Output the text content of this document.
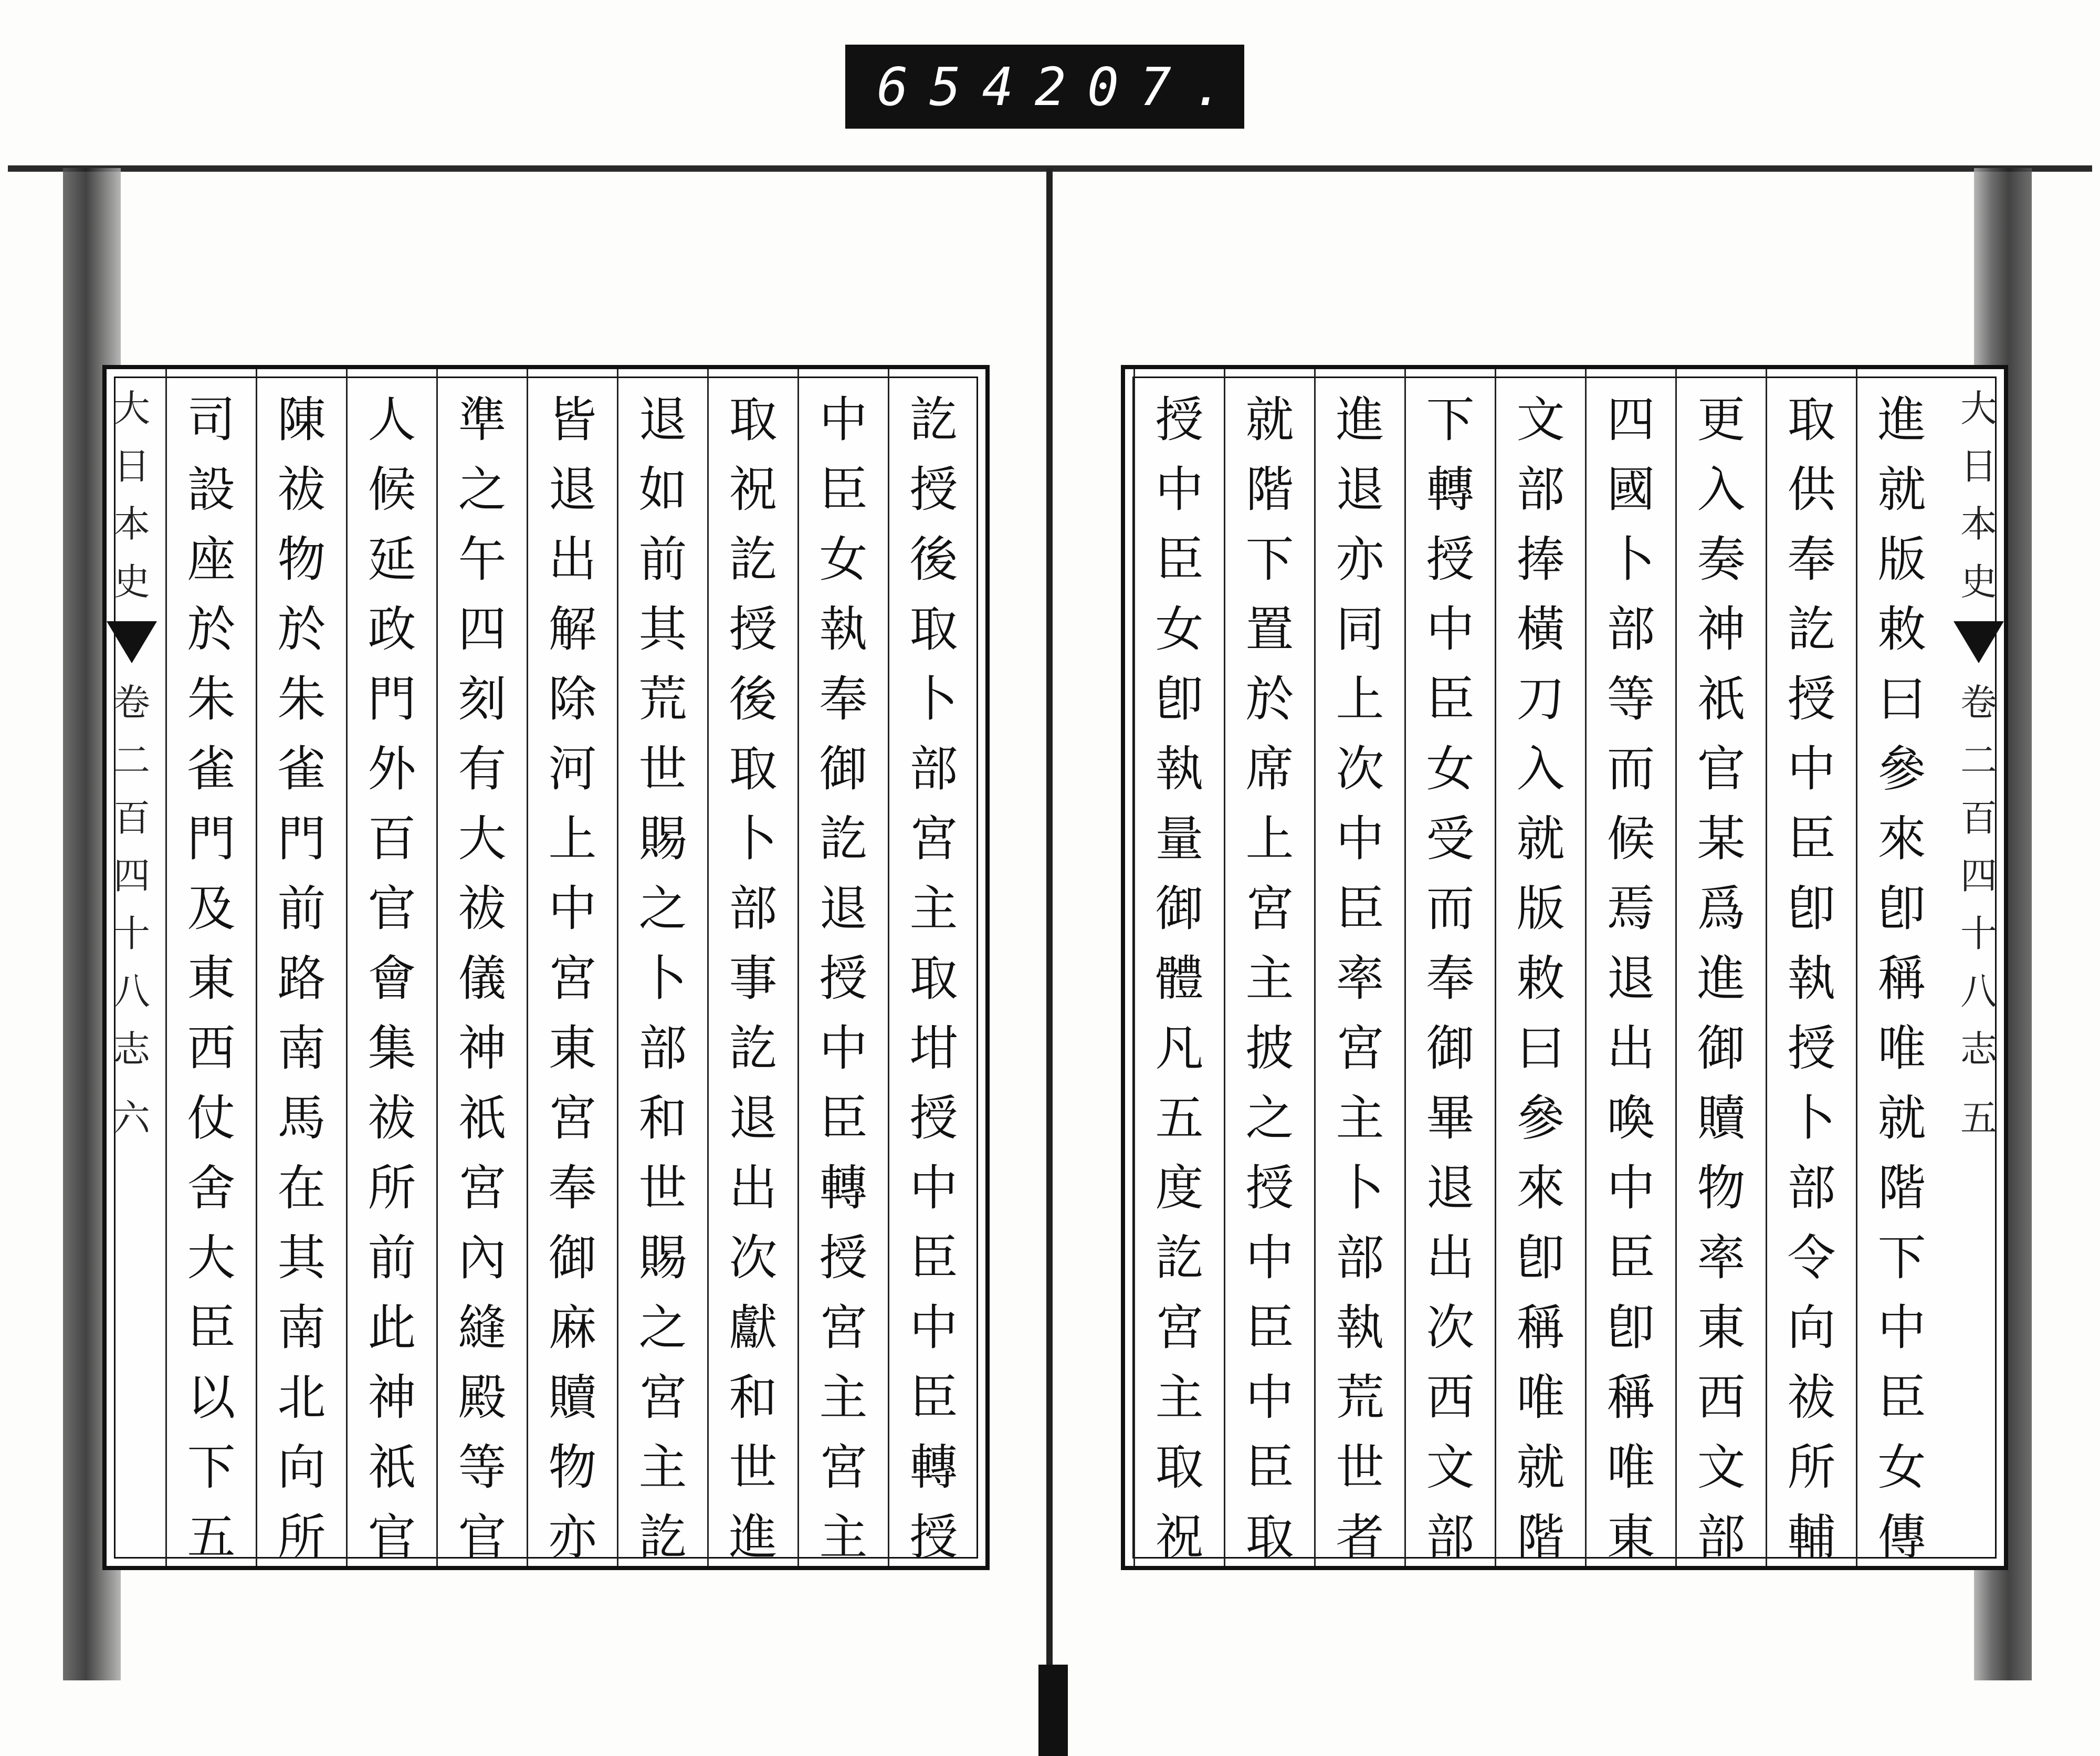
654 207.
大
日
本
史
卷
二
百
四
十
八
志
六
訖
授
後
取
卜
部
宮
主
取
坩
授
中
臣
中
臣
轉
授
中
臣
女
執
奉
御
訖
退
授
中
臣
轉
授
宮
主
宮
主
取
祝
訖
授
後
取
卜
部
事
訖
退
出
次
獻
和
世
進
退
如
前
其
荒
世
賜
之
卜
部
和
世
賜
之
宮
主
訖
皆
退
出
解
除
河
上
中
宮
東
宮
奉
御
麻
贖
物
亦
準
之
午
四
刻
有
大
祓
儀
神
祇
宮
內
縫
殿
等
官
人
候
延
政
門
外
百
官
會
集
祓
所
前
此
神
祇
官
陳
祓
物
於
朱
雀
門
前
路
南
馬
在
其
南
北
向
所
司
設
座
於
朱
雀
門
及
東
西
仗
舍
大
臣
以
下
五
大
日
本
史
卷
二
百
四
十
八
志
五
進
就
版
敕
曰
參
來
卽
稱
唯
就
階
下
中
臣
女
傳
取
供
奉
訖
授
中
臣
卽
執
授
卜
部
令
向
祓
所
輔
更
入
奏
神
祇
官
某
爲
進
御
贖
物
率
東
西
文
部
四
國
卜
部
等
而
候
焉
退
出
喚
中
臣
卽
稱
唯
東
文
部
捧
橫
刀
入
就
版
敕
曰
參
來
卽
稱
唯
就
階
下
轉
授
中
臣
女
受
而
奉
御
畢
退
出
次
西
文
部
進
退
亦
同
上
次
中
臣
率
宮
主
卜
部
執
荒
世
者
就
階
下
置
於
席
上
宮
主
披
之
授
中
臣
中
臣
取
授
中
臣
女
卽
執
量
御
體
凡
五
度
訖
宮
主
取
祝
